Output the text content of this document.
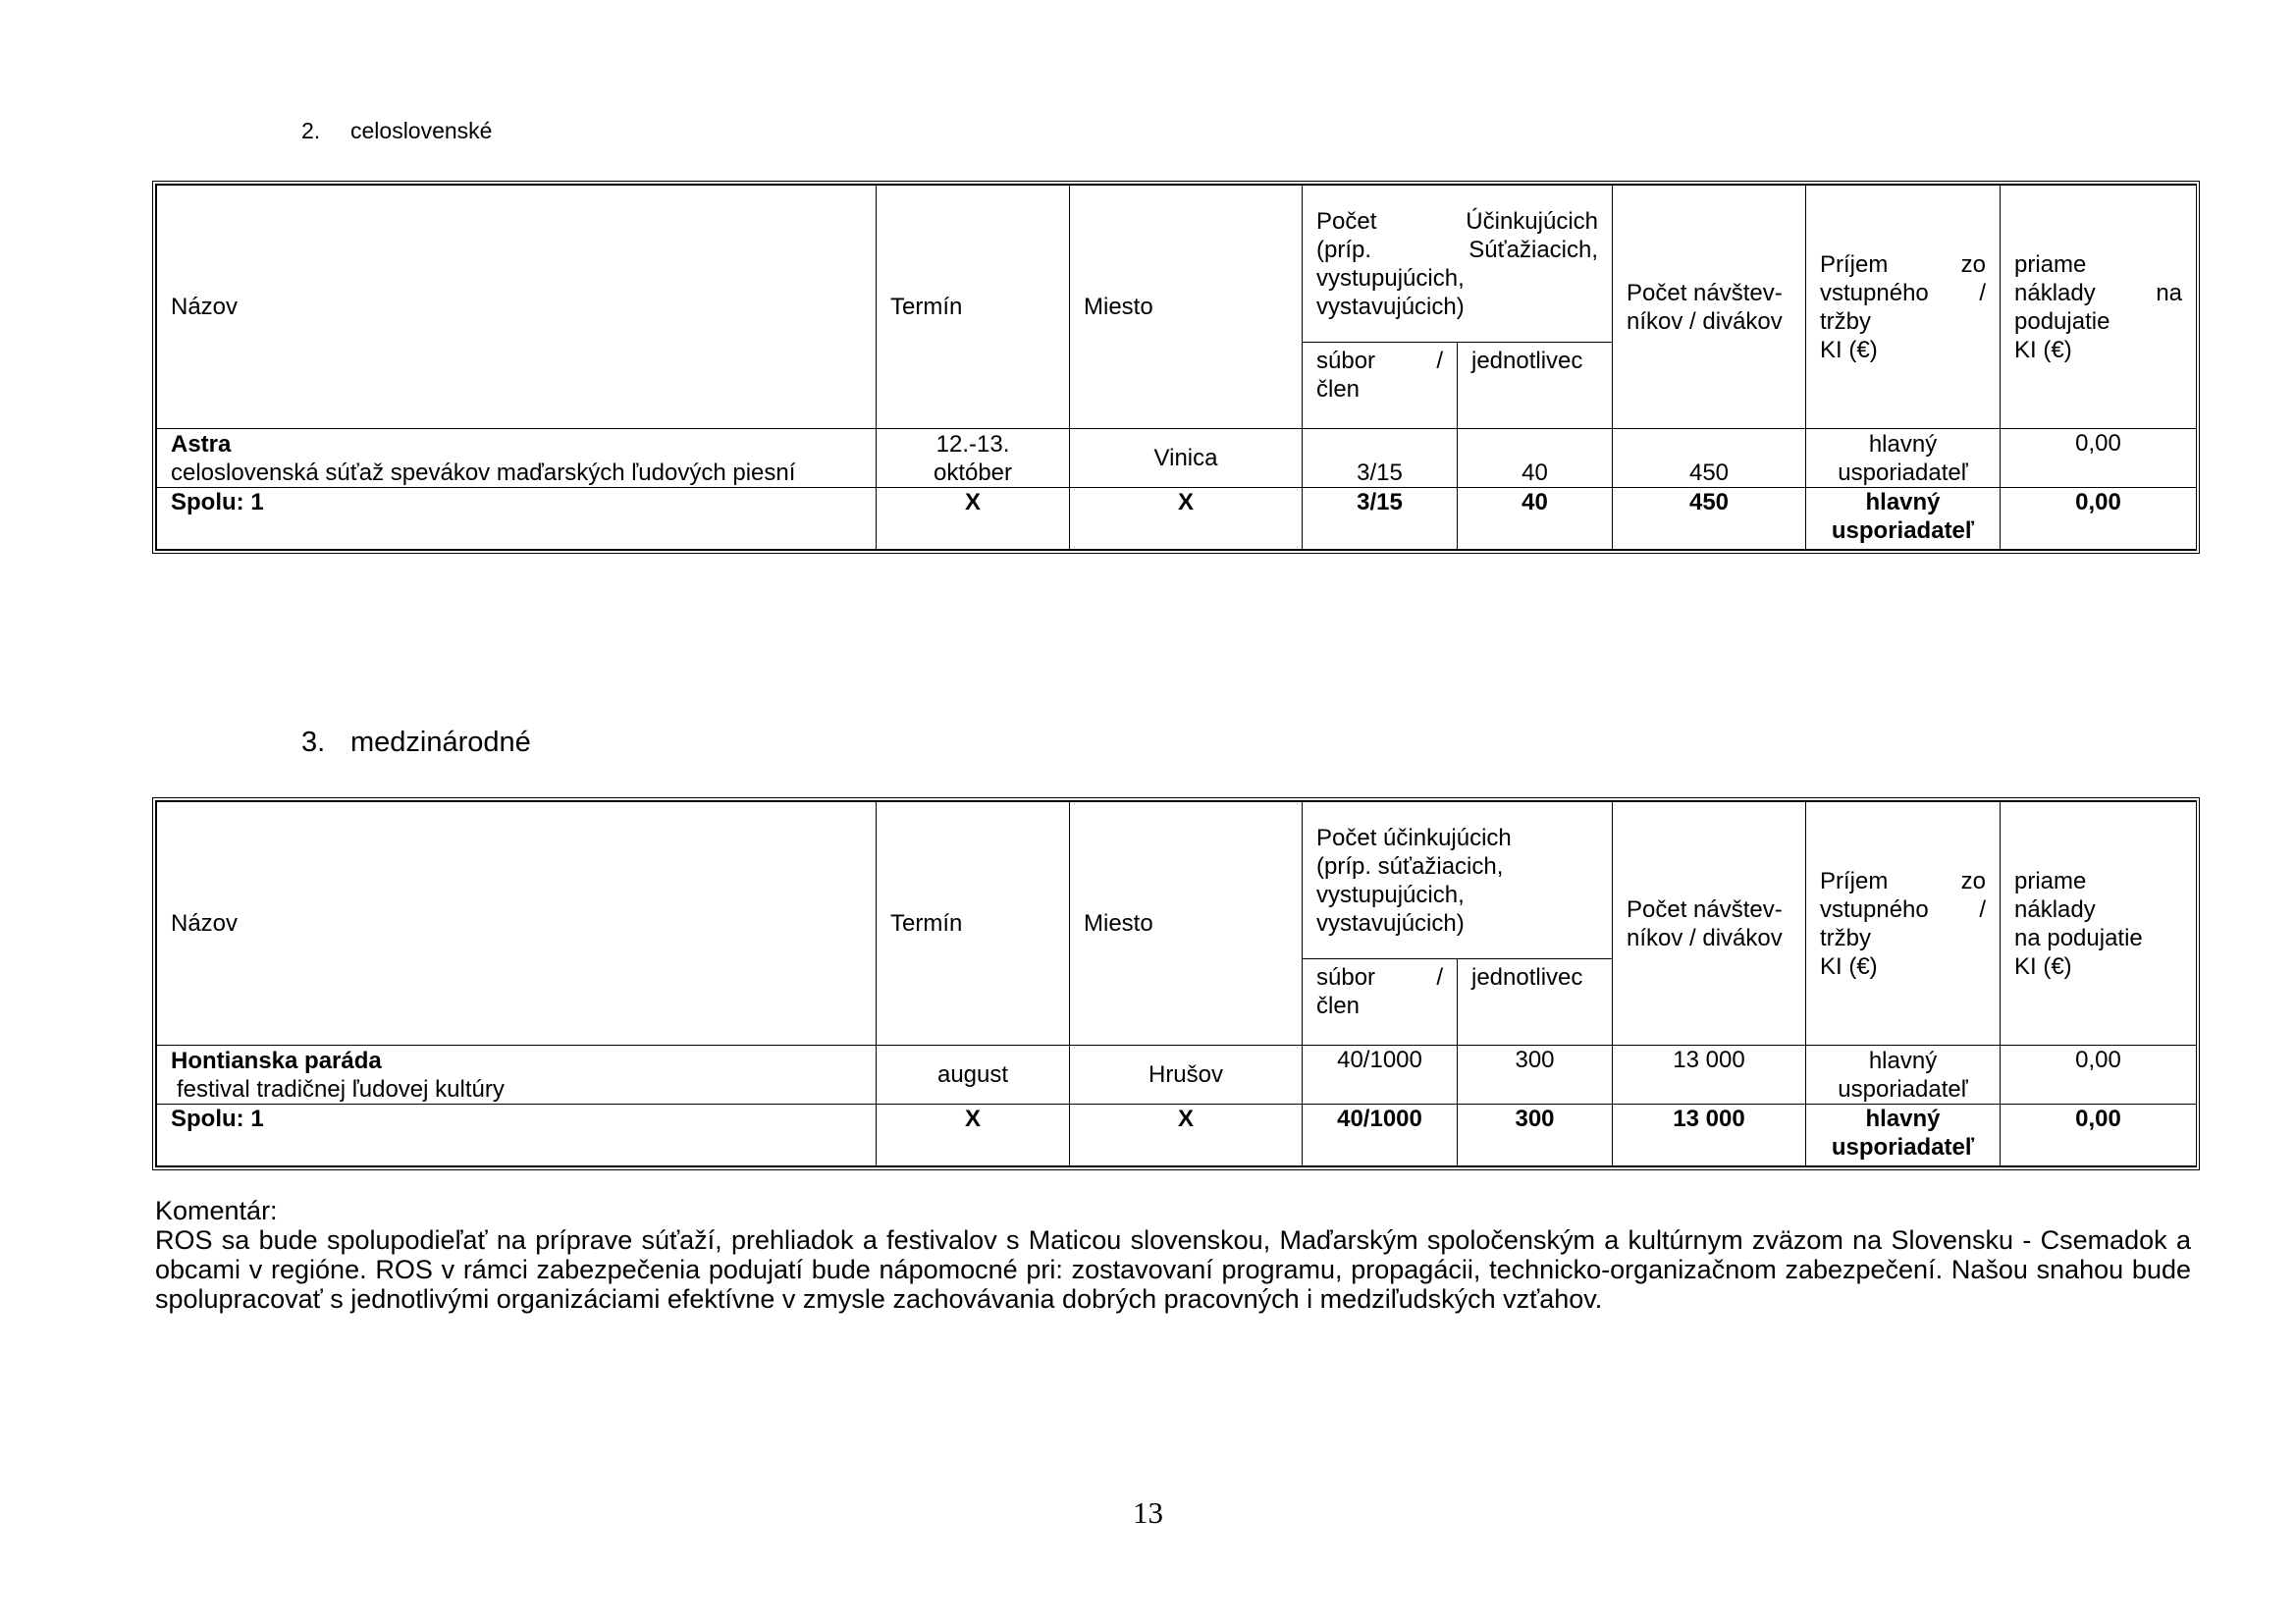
2. celoslovenské
Názov	Termín	Miesto	Počet Účinkujúcich
(príp. Súťažiacich,
vystupujúcich,
vystavujúcich)		Počet návštev-
níkov / divákov	Príjem zo
vstupného /
tržby
KI (€)	priame
náklady na
podujatie
KI (€)

			súbor /
člen	jednotlivec			

Astra
celoslovenská súťaž spevákov maďarských ľudových piesní	12.-13.
október	Vinica	3/15	40	450	hlavný
usporiadateľ	0,00
Spolu: 1	X	X	3/15	40	450	hlavný
usporiadateľ	0,00
3. medzinárodné
Názov	Termín	Miesto	Počet účinkujúcich
(príp. súťažiacich,
vystupujúcich,
vystavujúcich)		Počet návštev-
níkov / divákov	Príjem zo
vstupného /
tržby
KI (€)	priame
náklady
na podujatie
KI (€)

			súbor /
člen	jednotlivec			

Hontianska paráda
festival tradičnej ľudovej kultúry	august	Hrušov	40/1000	300	13 000	hlavný
usporiadateľ	0,00
Spolu: 1	X	X	40/1000	300	13 000	hlavný
usporiadateľ	0,00
Komentár:
ROS sa bude spolupodieľať na príprave súťaží, prehliadok a festivalov s Maticou slovenskou, Maďarským spoločenským a kultúrnym zväzom na Slovensku - Csemadok a obcami v regióne. ROS v rámci zabezpečenia podujatí bude nápomocné pri: zostavovaní programu, propagácii, technicko-organizačnom zabezpečení. Našou snahou bude spolupracovať s jednotlivými organizáciami efektívne v zmysle zachovávania dobrých pracovných i medziľudských vzťahov.
13
